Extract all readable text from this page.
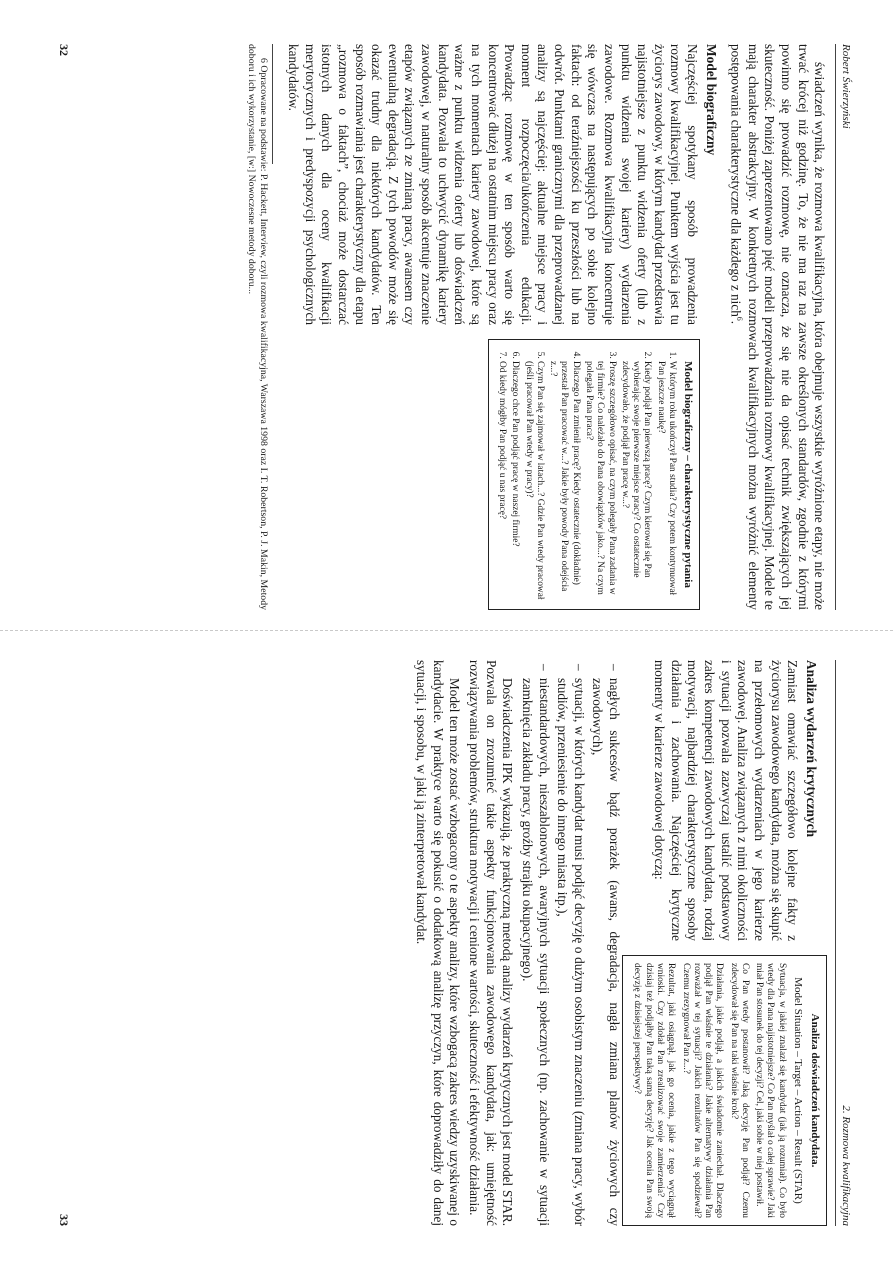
Robert Świerzyński

świadczeń wynika, że rozmowa kwalifikacyjna, która obejmuje wszystkie wyróżnione etapy, nie może trwać krócej niż godzinę. To, że nie ma raz na zawsze określonych standardów, zgodnie z którymi powinno się prowadzić rozmowę, nie oznacza, że się nie da opisać technik zwiększających jej skuteczność. Poniżej zaprezentowano pięć modeli przeprowadzania rozmowy kwalifikacyjnej. Modele te mają charakter abstrakcyjny. W konkretnych rozmowach kwalifikacyjnych można wyróżnić elementy postępowania charakterystyczne dla każdego z nich$^6$.

Model biograficzny

Najczęściej spotykany sposób prowadzenia rozmowy kwalifikacyjnej. Punktem wyjścia jest tu życiorys zawodowy, w którym kandydat przedstawia najistotniejsze z punktu widzenia oferty (lub z punktu widzenia swojej kariery) wydarzenia zawodowe. Rozmowa kwalifikacyjna koncentruje się wówczas na następujących po sobie kolejno faktach: od teraźniejszości ku przeszłości lub na odwrót. Punktami granicznymi dla przeprowadzanej analizy są najczęściej: aktualne miejsce pracy i moment rozpoczęcia/ukończenia edukacji. Prowadząc rozmowę w ten sposób warto się koncentrować dłużej na ostatnim miejscu pracy oraz na tych momentach kariery zawodowej, które są ważne z punktu widzenia oferty lub doświadczeń kandydata. Pozwala to uchwycić dynamikę kariery zawodowej, w naturalny sposób akcentuje znaczenie etapów związanych ze zmianą pracy, awansem czy ewentualną degradacją. Z tych powodów może się okazać trudny dla niektórych kandydatów. Ten sposób rozmawiania jest charakterystyczny dla etapu „rozmowa o faktach”, chociaż może dostarczać istotnych danych dla oceny kwalifikacji merytorycznych i predyspozycji psychologicznych kandydatów.

Model biograficzny – charakterystyczne pytania
1. W którym roku ukończył Pan studia? Czy potem kontynuował Pan jeszcze naukę?
2. Kiedy podjął Pan pierwszą pracę? Czym kierował się Pan wybierając swoje pierwsze miejsce pracy? Co ostatecznie zdecydowało, że podjął Pan pracę w...?
3. Proszę szczegółowo opisać, na czym polegały Pana zadania w tej firmie? Co należało do Pana obowiązków jako...? Na czym polegała Pana praca?
4. Dlaczego Pan zmienił pracę? Kiedy ostatecznie (dokładnie) przestał Pan pracować w...? Jakie były powody Pana odejścia z...?
5. Czym Pan się zajmował w latach...? Gdzie Pan wtedy pracował (jeśli pracował Pan wtedy w pracy)?
6. Dlaczego chce Pan podjąć pracę w naszej firmie?
7. Od kiedy mógłby Pan podjąć u nas pracę?

6 Opracowane na podstawie: P. Hackett, Interview, czyli rozmowa kwalifikacyjna, Warszawa 1998 oraz I. T. Robertson, P. J. Makin, Metody doboru i ich wykorzystanie, [w:] Nowoczesne metody doboru...

32
2. Rozmowa kwalifikacyjna
Analiza wydarzeń krytycznych

Zamiast omawiać szczegółowo kolejne fakty z życiorysu zawodowego kandydata, można się skupić na przełomowych wydarzeniach w jego karierze zawodowej. Analiza związanych z nimi okoliczności i sytuacji pozwala zazwyczaj ustalić podstawowy zakres kompetencji zawodowych kandydata, rodzaj motywacji, najbardziej charakterystyczne sposoby działania i zachowania. Najczęściej krytyczne momenty w karierze zawodowej dotyczą:

Analiza doświadczeń kandydata.
Model Situation – Target – Action – Result (STAR)
Sytuacja, w jakiej znalazł się kandydat (jak ją rozumiał). Co było wtedy dla Pana najistotniejsze? Co Pan myślał o całej sprawie? Jaki miał Pan stosunek do tej decyzji? Cel, jaki sobie w niej postawił.
Co Pan wtedy postanowił? Jaką decyzję Pan podjął? Czemu zdecydował się Pan na taki właśnie krok?
Działania, jakie podjął, a jakich świadomie zaniechał. Dlaczego podjął Pan właśnie te działania? Jakie alternatywy działania Pan rozważał w tej sytuacji? Jakich rezultatów Pan się spodziewał? Czemu zrezygnował Pan z...?
Rezultat, jaki osiągnął, jak go ocenia, jakie z tego wyciągnął wnioski. Czy zdołał Pan zrealizować swoje zamierzenia? Czy dzisiaj też podjąłby Pan taką samą decyzję? Jak ocenia Pan swoją decyzję z dzisiejszej perspektywy?
– nagłych sukcesów bądź porażek (awans, degradacja, nagła zmiana planów życiowych czy zawodowych),
– sytuacji, w których kandydat musi podjąć decyzję o dużym osobistym znaczeniu (zmiana pracy, wybór studiów, przeniesienie do innego miasta itp.),
– niestandardowych, nieszablonowych, awaryjnych sytuacji społecznych (np. zachowanie w sytuacji zamknięcia zakładu pracy, groźby strajku okupacyjnego).

Doświadczenia IPK wykazują, że praktyczną metodą analizy wydarzeń krytycznych jest model STAR. Pozwala on zrozumieć takie aspekty funkcjonowania zawodowego kandydata, jak: umiejętność rozwiązywania problemów, struktura motywacji i cenione wartości, skuteczność i efektywność działania.

Model ten może zostać wzbogacony o te aspekty analizy, które wzbogacą zakres wiedzy uzyskiwanej o kandydacie. W praktyce warto się pokusić o dodatkową analizę przyczyn, które doprowadziły do danej sytuacji, i sposobu, w jaki ją zinterpretował kandydat.

33
